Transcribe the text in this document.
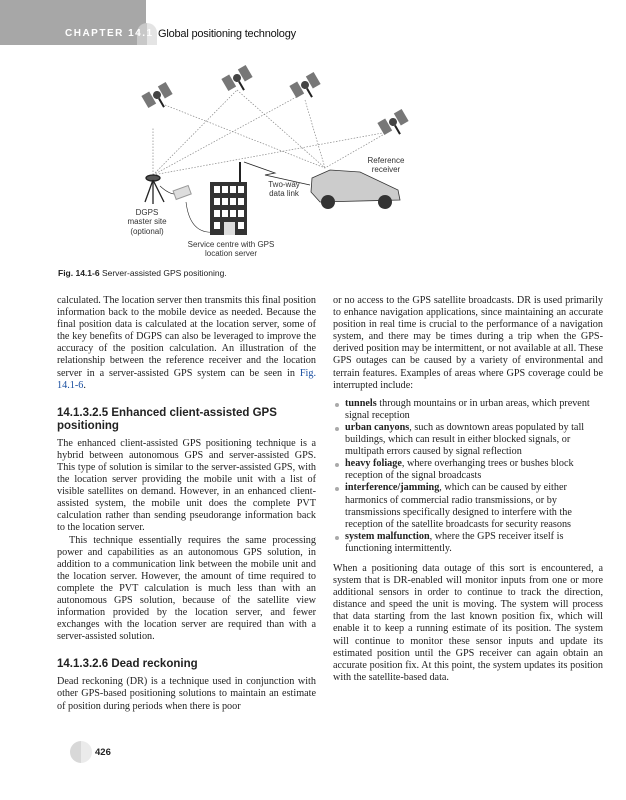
CHAPTER 14.1 Global positioning technology
Reference
receiver
Two-way
data link
DGPS
master site
(optional)
Service centre with GPS
location server
Fig. 14.1-6 Server-assisted GPS positioning.

calculated. The location server then transmits this final position information back to the mobile device as needed. Because the final position data is calculated at the location server, some of the key benefits of DGPS can also be leveraged to improve the accuracy of the position calculation. An illustration of the relationship between the reference receiver and the location server in a server-assisted GPS system can be seen in Fig. 14.1-6.

14.1.3.2.5 Enhanced client-assisted GPS positioning

The enhanced client-assisted GPS positioning technique is a hybrid between autonomous GPS and server-assisted GPS. This type of solution is similar to the server-assisted GPS, with the location server providing the mobile unit with a list of visible satellites on demand. However, in an enhanced client-assisted system, the mobile unit does the complete PVT calculation rather than sending pseudorange information back to the location server.

This technique essentially requires the same processing power and capabilities as an autonomous GPS solution, in addition to a communication link between the mobile unit and the location server. However, the amount of time required to complete the PVT calculation is much less than with an autonomous GPS solution, because of the satellite view information provided by the location server, and fewer exchanges with the location server are required than with a server-assisted solution.

14.1.3.2.6 Dead reckoning

Dead reckoning (DR) is a technique used in conjunction with other GPS-based positioning solutions to maintain an estimate of position during periods when there is poor

or no access to the GPS satellite broadcasts. DR is used primarily to enhance navigation applications, since maintaining an accurate position in real time is crucial to the performance of a navigation system, and there may be times during a trip when the GPS-derived position may be intermittent, or not available at all. These GPS outages can be caused by a variety of environmental and terrain features. Examples of areas where GPS coverage could be interrupted include:

tunnels through mountains or in urban areas, which prevent signal reception
urban canyons, such as downtown areas populated by tall buildings, which can result in either blocked signals, or multipath errors caused by signal reflection
heavy foliage, where overhanging trees or bushes block reception of the signal broadcasts
interference/jamming, which can be caused by either harmonics of commercial radio transmissions, or by transmissions specifically designed to interfere with the reception of the satellite broadcasts for security reasons
system malfunction, where the GPS receiver itself is functioning intermittently.

When a positioning data outage of this sort is encountered, a system that is DR-enabled will monitor inputs from one or more additional sensors in order to continue to track the direction, distance and speed the unit is moving. The system will process that data starting from the last known position fix, which will enable it to keep a running estimate of its position. The system will continue to monitor these sensor inputs and update its estimated position until the GPS receiver can again obtain an accurate position fix. At this point, the system updates its position with the satellite-based data.

426
